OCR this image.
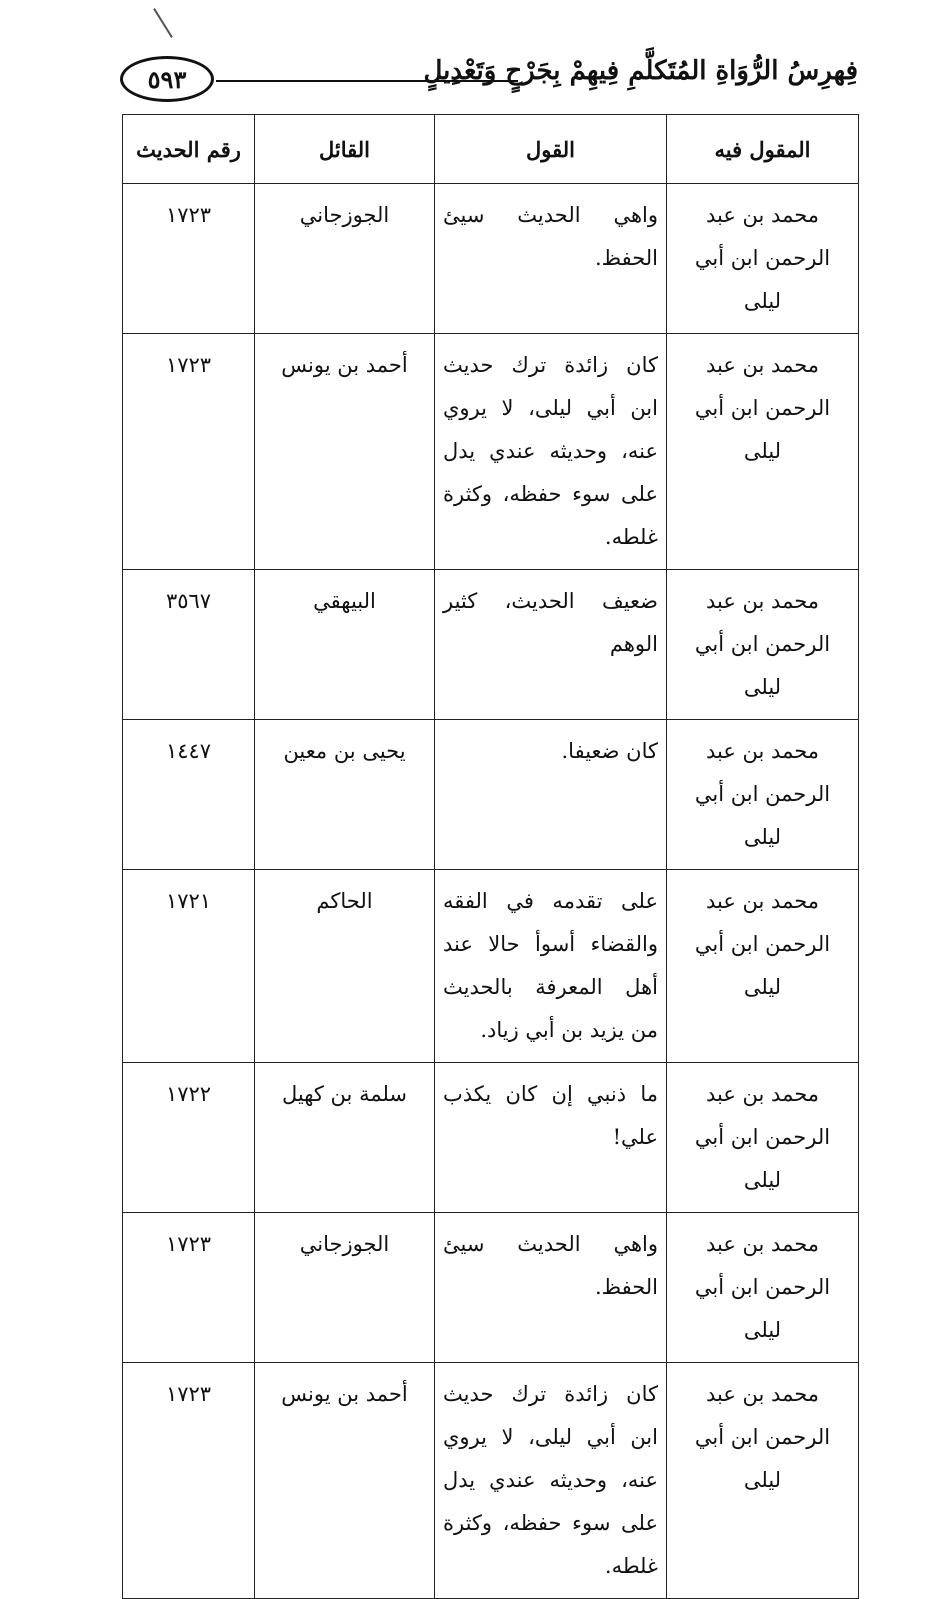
٥٩٣	فِهرِسُ الرُّوَاةِ المُتَكلَّمِ فِيهِمْ بِجَرْحٍ وَتَعْدِيلٍ
المقول فيه	القول	القائل	رقم الحديث
محمد بن عبد الرحمن ابن أبي ليلى	واهي الحديث سيئ الحفظ.	الجوزجاني	١٧٢٣
محمد بن عبد الرحمن ابن أبي ليلى	كان زائدة ترك حديث ابن أبي ليلى، لا يروي عنه، وحديثه عندي يدل على سوء حفظه، وكثرة غلطه.	أحمد بن يونس	١٧٢٣
محمد بن عبد الرحمن ابن أبي ليلى	ضعيف الحديث، كثير الوهم	البيهقي	٣٥٦٧
محمد بن عبد الرحمن ابن أبي ليلى	كان ضعيفا.	يحيى بن معين	١٤٤٧
محمد بن عبد الرحمن ابن أبي ليلى	على تقدمه في الفقه والقضاء أسوأ حالا عند أهل المعرفة بالحديث من يزيد بن أبي زياد.	الحاكم	١٧٢١
محمد بن عبد الرحمن ابن أبي ليلى	ما ذنبي إن كان يكذب علي!	سلمة بن كهيل	١٧٢٢
محمد بن عبد الرحمن ابن أبي ليلى	واهي الحديث سيئ الحفظ.	الجوزجاني	١٧٢٣
محمد بن عبد الرحمن ابن أبي ليلى	كان زائدة ترك حديث ابن أبي ليلى، لا يروي عنه، وحديثه عندي يدل على سوء حفظه، وكثرة غلطه.	أحمد بن يونس	١٧٢٣
